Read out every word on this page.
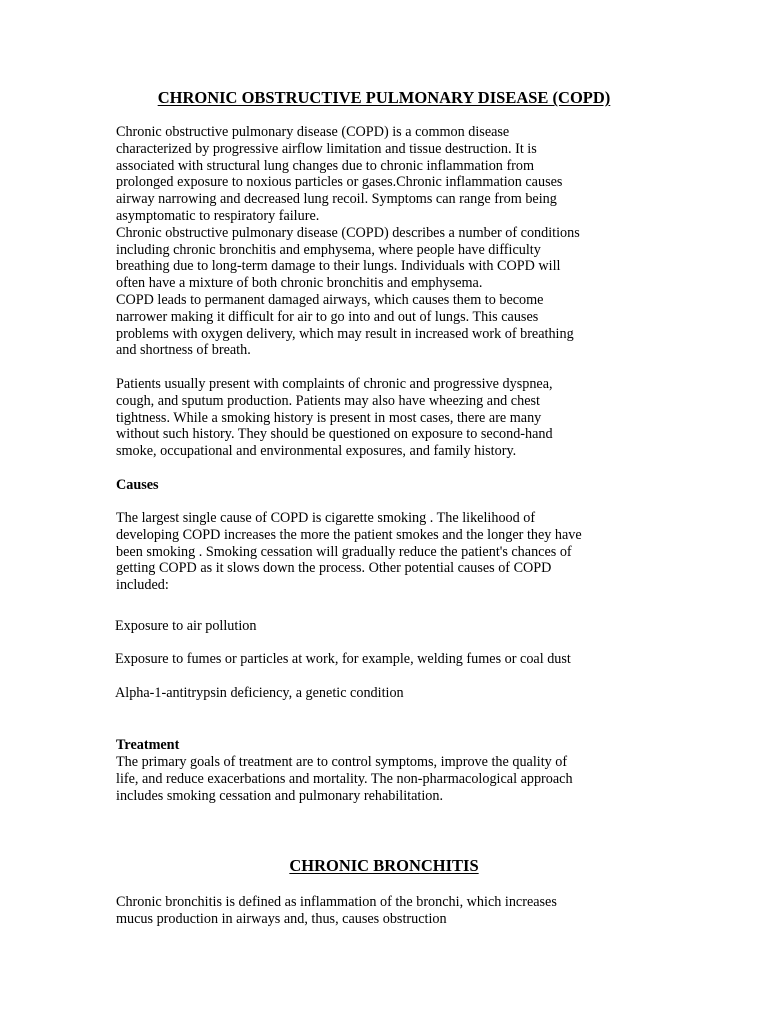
CHRONIC OBSTRUCTIVE PULMONARY DISEASE (COPD)

Chronic obstructive pulmonary disease (COPD) is a common disease
characterized by progressive airflow limitation and tissue destruction. It is
associated with structural lung changes due to chronic inflammation from
prolonged exposure to noxious particles or gases.Chronic inflammation causes
airway narrowing and decreased lung recoil. Symptoms can range from being
asymptomatic to respiratory failure.
Chronic obstructive pulmonary disease (COPD) describes a number of conditions
including chronic bronchitis and emphysema, where people have difficulty
breathing due to long-term damage to their lungs. Individuals with COPD will
often have a mixture of both chronic bronchitis and emphysema.
COPD leads to permanent damaged airways, which causes them to become
narrower making it difficult for air to go into and out of lungs. This causes
problems with oxygen delivery, which may result in increased work of breathing
and shortness of breath.

Patients usually present with complaints of chronic and progressive dyspnea,
cough, and sputum production. Patients may also have wheezing and chest
tightness. While a smoking history is present in most cases, there are many
without such history. They should be questioned on exposure to second-hand
smoke, occupational and environmental exposures, and family history.

Causes

The largest single cause of COPD is cigarette smoking . The likelihood of
developing COPD increases the more the patient smokes and the longer they have
been smoking . Smoking cessation will gradually reduce the patient's chances of
getting COPD as it slows down the process. Other potential causes of COPD
included:

Exposure to air pollution

Exposure to fumes or particles at work, for example, welding fumes or coal dust

Alpha-1-antitrypsin deficiency, a genetic condition

Treatment

The primary goals of treatment are to control symptoms, improve the quality of
life, and reduce exacerbations and mortality. The non-pharmacological approach
includes smoking cessation and pulmonary rehabilitation.

CHRONIC BRONCHITIS

Chronic bronchitis is defined as inflammation of the bronchi, which increases
mucus production in airways and, thus, causes obstruction
